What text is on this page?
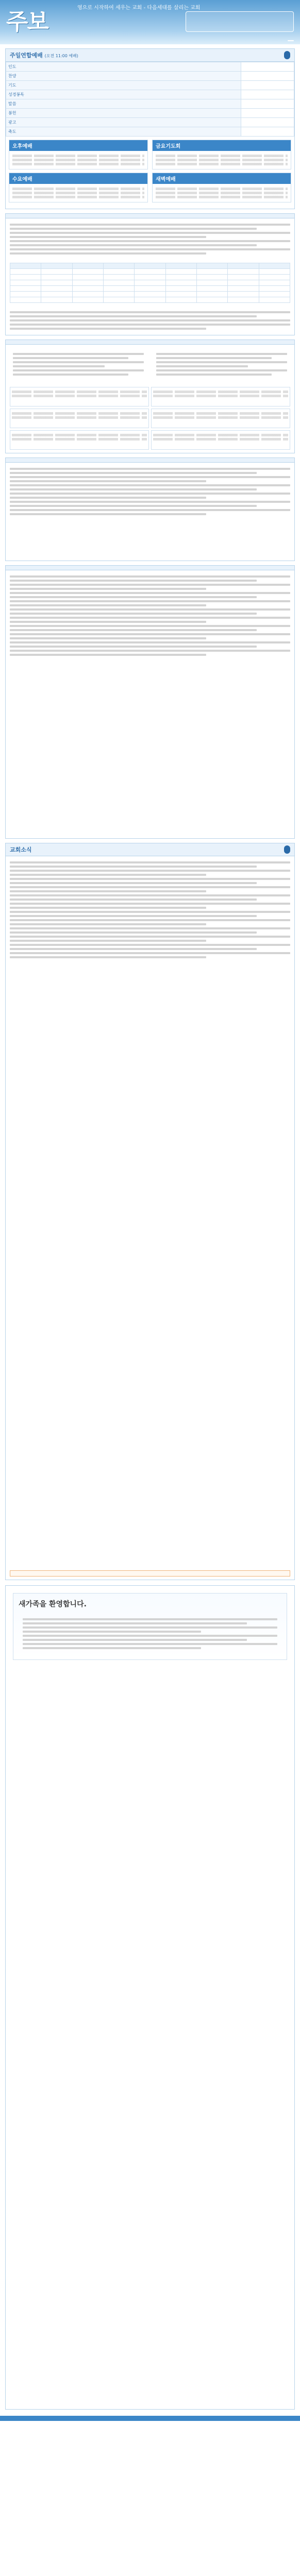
주보
영으로 시작하여 세우는 교회 - 다음세대를 살리는 교회
주일연합예배 (오전 11:00 예배)
인도	
찬양	
기도	
성경봉독	
말씀	
봉헌	
광고	
축도	
오후예배
수요예배
금요기도회
새벽예배
교회소식
새가족을 환영합니다.
